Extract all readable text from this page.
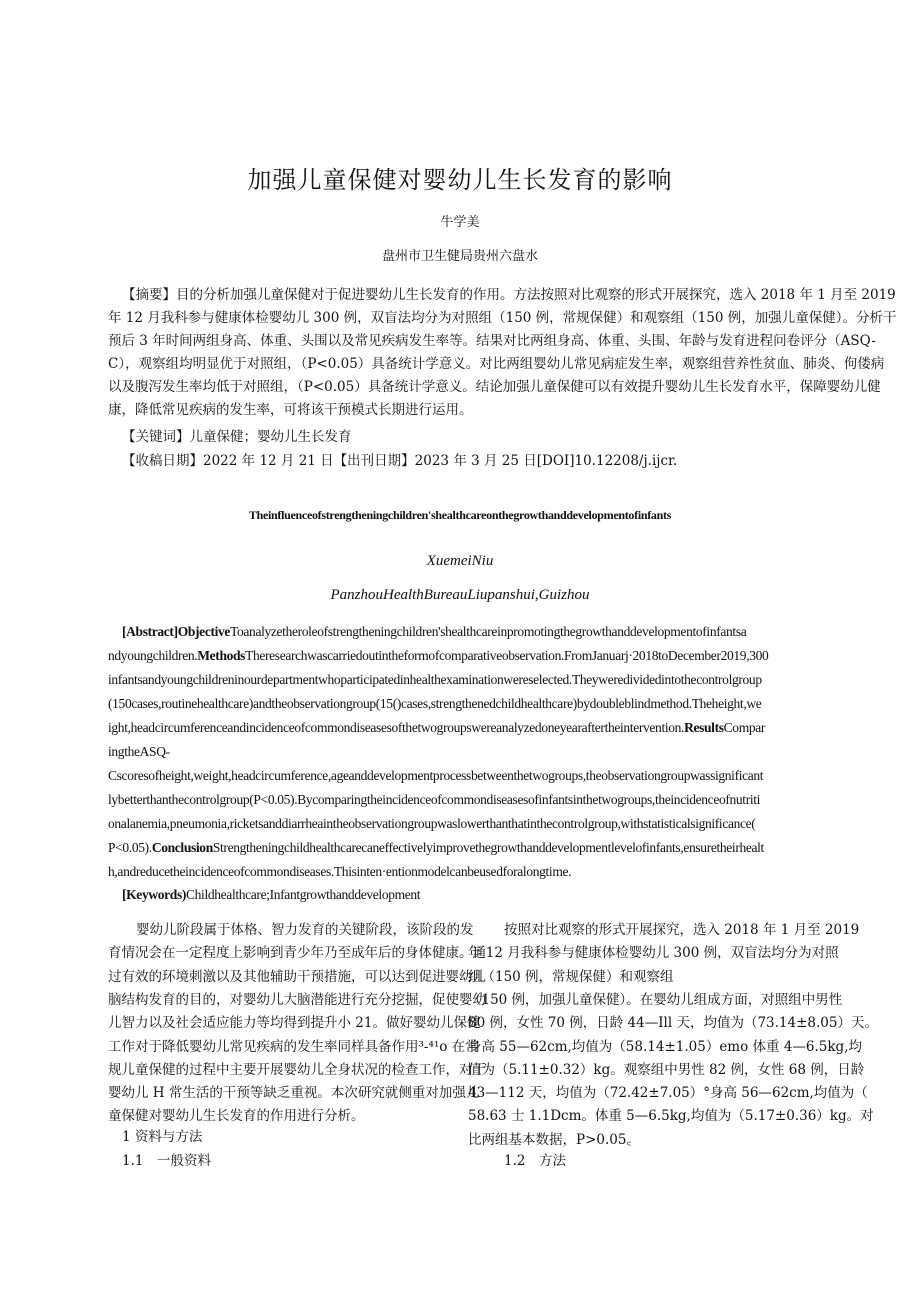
加强儿童保健对婴幼儿生长发育的影响
牛学美
盘州市卫生健局贵州六盘水
【摘要】目的分析加强儿童保健对于促进婴幼儿生长发育的作用。方法按照对比观察的形式开展探究，选入 2018 年 1 月至 2019
年 12 月我科参与健康体检婴幼儿 300 例，双盲法均分为对照组（150 例，常规保健）和观察组（150 例，加强儿童保健）。分析干
预后 3 年时间两组身高、体重、头围以及常见疾病发生率等。结果对比两组身高、体重、头围、年龄与发育进程问卷评分（ASQ-
C），观察组均明显优于对照组，（P<0.05）具备统计学意义。对比两组婴幼儿常见病症发生率，观察组营养性贫血、肺炎、佝偻病
以及腹泻发生率均低于对照组，（P<0.05）具备统计学意义。结论加强儿童保健可以有效提升婴幼儿生长发育水平，保障婴幼儿健
康，降低常见疾病的发生率，可将该干预模式长期进行运用。
【关键词】儿童保健；婴幼儿生长发育
【收稿日期】2022 年 12 月 21 日【出刊日期】2023 年 3 月 25 日[DOI]10.12208/j.ijcr.
Theinfluenceofstrengtheningchildren'shealthcareonthegrowthanddevelopmentofinfants
XuemeiNiu
PanzhouHealthBureauLiupanshui,Guizhou
[Abstract]ObjectiveToanalyzetheroleofstrengtheningchildren'shealthcareinpromotingthegrowthanddevelopmentofinfantsa
ndyoungchildren.MethodsTheresearchwascarriedoutintheformofcomparativeobservation.FromJanuarj·2018toDecember2019,300
infantsandyoungchildreninourdepartmentwhoparticipatedinhealthexaminationwereselected.Theyweredividedintothecontrolgroup
(150cases,routinehealthcare)andtheobservationgroup(15()cases,strengthenedchildhealthcare)bydoubleblindmethod.Theheight,we
ight,headcircumferenceandincidenceofcommondiseasesofthetwogroupswereanalyzedoneyearaftertheintervention.ResultsCompar
ingtheASQ-
Cscoresofheight,weight,headcircumference,ageanddevelopmentprocessbetweenthetwogroups,theobservationgroupwassignificant
lybetterthanthecontrolgroup(P<0.05).Bycomparingtheincidenceofcommondiseasesofinfantsinthetwogroups,theincidenceofnutriti
onalanemia,pneumonia,ricketsanddiarrheaintheobservationgroupwaslowerthanthatinthecontrolgroup,withstatisticalsignificance(
P<0.05).ConclusionStrengtheningchildhealthcarecaneffectivelyimprovethegrowthanddevelopmentlevelofinfants,ensuretheirhealt
h,andreducetheincidenceofcommondiseases.Thisinten·entionmodelcanbeusedforalongtime.
[Keywords)Childhealthcare;Infantgrowthanddevelopment
婴幼儿阶段属于体格、智力发育的关键阶段，该阶段的发
育情况会在一定程度上影响到青少年乃至成年后的身体健康。通
过有效的环境刺激以及其他辅助干预措施，可以达到促进婴幼儿
脑结构发育的目的，对婴幼儿大脑潜能进行充分挖掘，促使婴幼
儿智力以及社会适应能力等均得到提升小 21。做好婴幼儿保健
工作对于降低婴幼儿常见疾病的发生率同样具备作用³-⁴¹o 在常
规儿童保健的过程中主要开展婴幼儿全身状况的检查工作，对于
婴幼儿 H 常生活的干预等缺乏重视。本次研究就侧重对加强儿
童保健对婴幼儿生长发育的作用进行分析。
1 资料与方法
1.1　一般资料
按照对比观察的形式开展探究，选入 2018 年 1 月至 2019
年 12 月我科参与健康体检婴幼儿 300 例，双盲法均分为对照
组（150 例，常规保健）和观察组
（150 例，加强儿童保健）。在婴幼儿组成方面，对照组中男性
80 例，女性 70 例，日龄 44—Ill 天，均值为（73.14±8.05）天。
身高 55—62cm,均值为（58.14±1.05）emo 体重 4—6.5kg,均
值为（5.11±0.32）kg。观察组中男性 82 例，女性 68 例，日龄
43—112 天，均值为（72.42±7.05）°身高 56—62cm,均值为（
58.63 士 1.1Dcm。体重 5—6.5kg,均值为（5.17±0.36）kg。对
比两组基本数据，P>0.05꜀
1.2　方法
